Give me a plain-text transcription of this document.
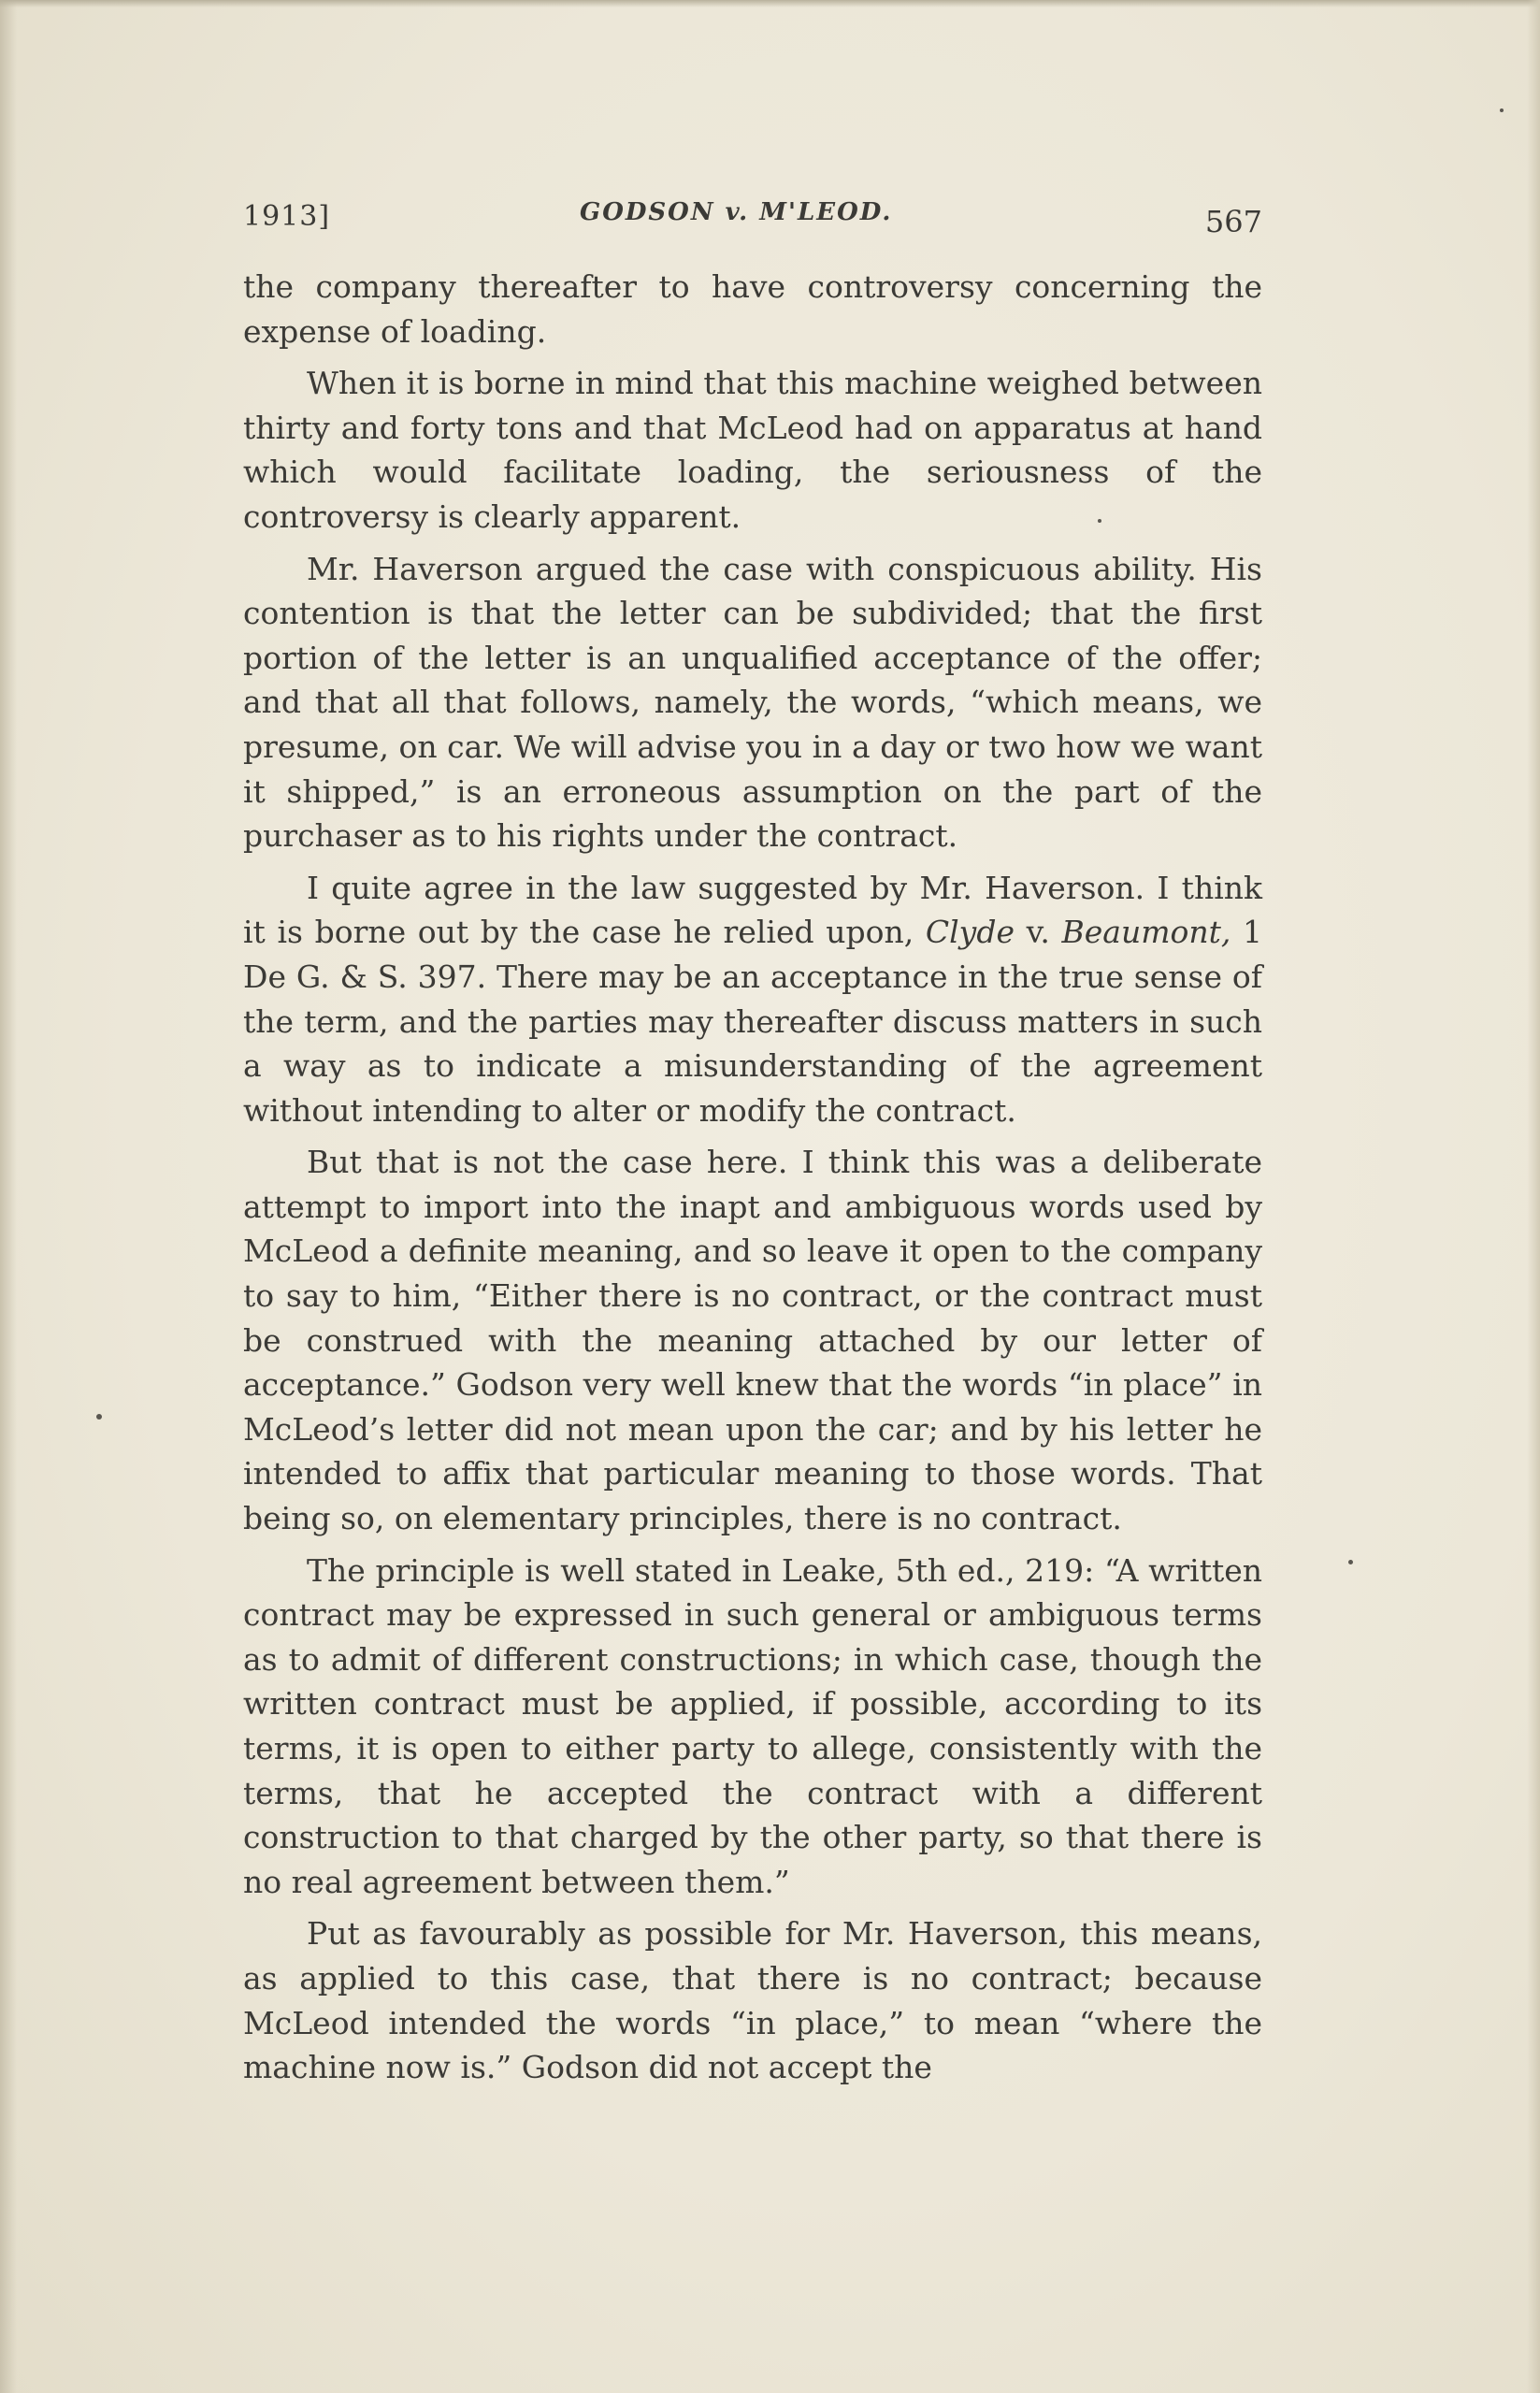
1913]	GODSON v. M'LEOD.	567

the company thereafter to have controversy concerning the expense of loading.

When it is borne in mind that this machine weighed between thirty and forty tons and that McLeod had on apparatus at hand which would facilitate loading, the seriousness of the controversy is clearly apparent.

Mr. Haverson argued the case with conspicuous ability. His contention is that the letter can be subdivided; that the first portion of the letter is an unqualified acceptance of the offer; and that all that follows, namely, the words, “which means, we presume, on car. We will advise you in a day or two how we want it shipped,” is an erroneous assumption on the part of the purchaser as to his rights under the contract.

I quite agree in the law suggested by Mr. Haverson. I think it is borne out by the case he relied upon, Clyde v. Beaumont, 1 De G. & S. 397. There may be an acceptance in the true sense of the term, and the parties may thereafter discuss matters in such a way as to indicate a misunderstanding of the agreement without intending to alter or modify the contract.

But that is not the case here. I think this was a deliberate attempt to import into the inapt and ambiguous words used by McLeod a definite meaning, and so leave it open to the company to say to him, “Either there is no contract, or the contract must be construed with the meaning attached by our letter of acceptance.” Godson very well knew that the words “in place” in McLeod’s letter did not mean upon the car; and by his letter he intended to affix that particular meaning to those words. That being so, on elementary principles, there is no contract.

The principle is well stated in Leake, 5th ed., 219: “A written contract may be expressed in such general or ambiguous terms as to admit of different constructions; in which case, though the written contract must be applied, if possible, according to its terms, it is open to either party to allege, consistently with the terms, that he accepted the contract with a different construction to that charged by the other party, so that there is no real agreement between them.”

Put as favourably as possible for Mr. Haverson, this means, as applied to this case, that there is no contract; because McLeod intended the words “in place,” to mean “where the machine now is.” Godson did not accept the
